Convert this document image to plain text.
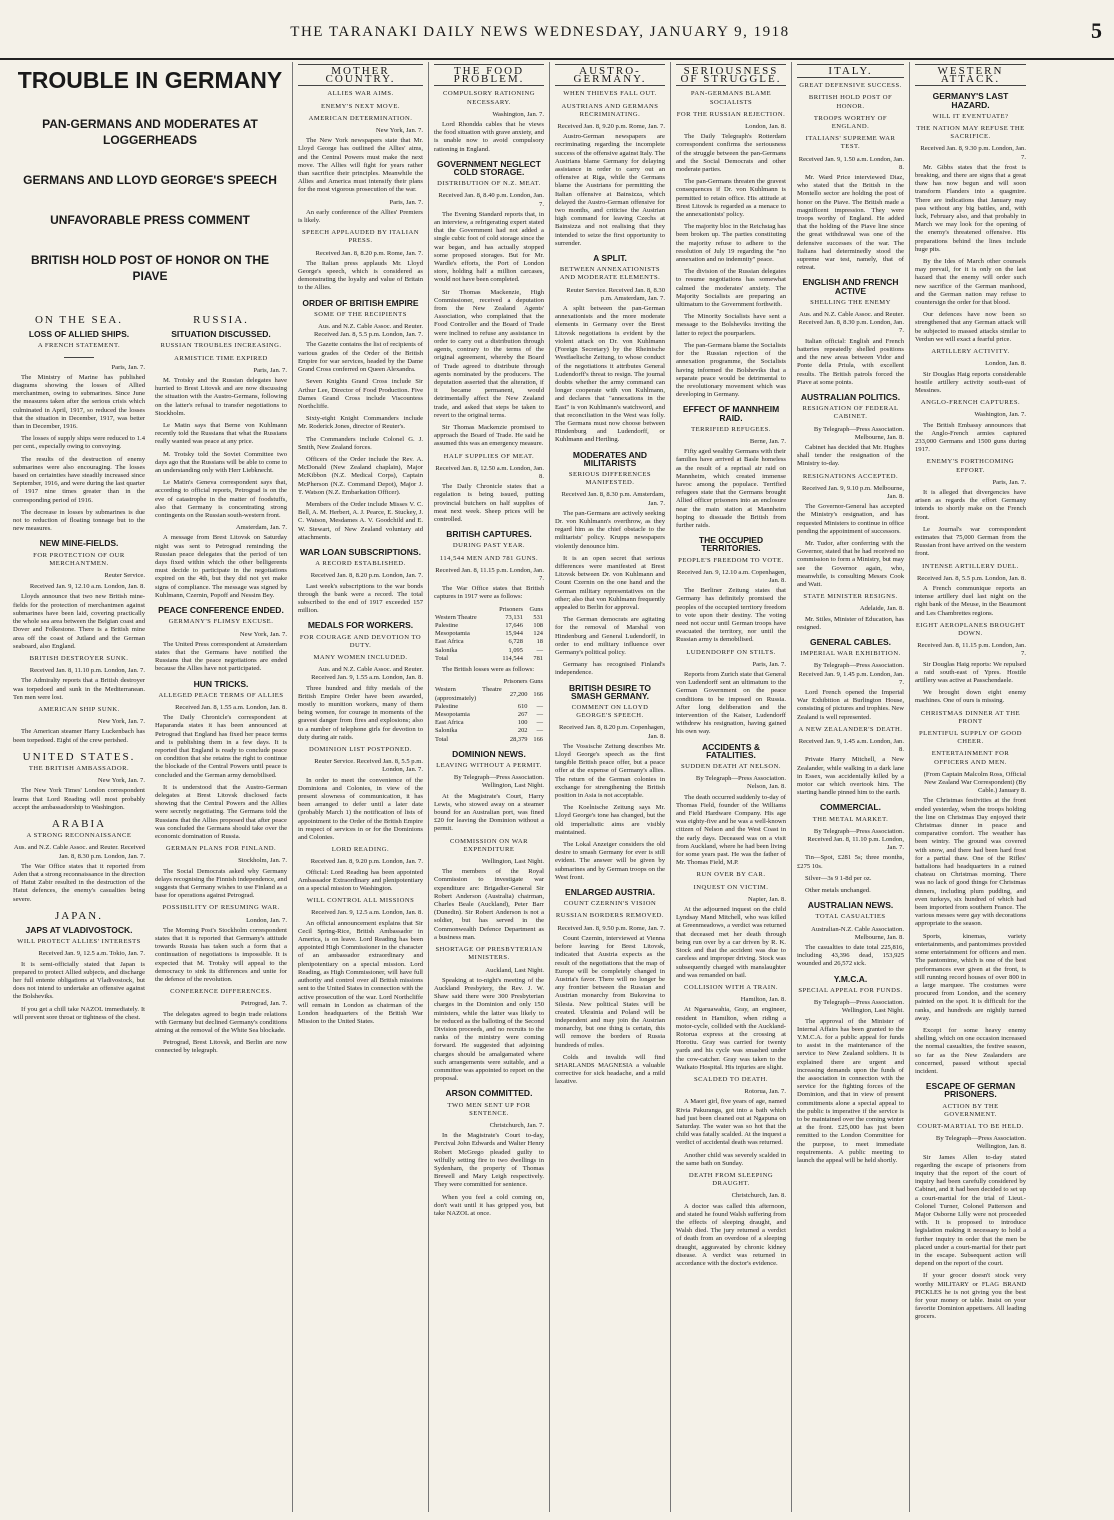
THE TARANAKI DAILY NEWS WEDNESDAY, JANUARY 9, 1918	5
TROUBLE IN GERMANY
PAN-GERMANS AND MODERATES AT LOGGERHEADS
GERMANS AND LLOYD GEORGE'S SPEECH
UNFAVORABLE PRESS COMMENT
BRITISH HOLD POST OF HONOR ON THE PIAVE
ON THE SEA.
LOSS OF ALLIED SHIPS.
A FRENCH STATEMENT.
Paris, Jan. 7.

The Ministry of Marine has published diagrams showing the losses of Allied merchantmen, owing to submarines. Since June the measures taken after the serious crisis which culminated in April, 1917, so reduced the losses that the situation in December, 1917, was better than in December, 1916.

The losses of supply ships were reduced to 1.4 per cent., especially owing to convoying.

The results of the destruction of enemy submarines were also encouraging. The losses based on certainties have steadily increased since September, 1916, and were during the last quarter of 1917 nine times greater than in the corresponding period of 1916.

The decrease in losses by submarines is due not to reduction of floating tonnage but to the new measures.

NEW MINE-FIELDS.
FOR PROTECTION OF OUR MERCHANTMEN.
Reuter Service.
Received Jan. 9, 12.10 a.m. London, Jan. 8.

Lloyds announce that two new British mine-fields for the protection of merchantmen against submarines have been laid, covering practically the whole sea area between the Belgian coast and Dover and Folkestone. There is a British mine area off the coast of Jutland and the German seaboard, also England.

BRITISH DESTROYER SUNK.
Received Jan. 8, 11.10 p.m. London, Jan. 7.

The Admiralty reports that a British destroyer was torpedoed and sunk in the Mediterranean. Ten men were lost.

AMERICAN SHIP SUNK.
New York, Jan. 7.

The American steamer Harry Luckenbach has been torpedoed. Eight of the crew perished.

UNITED STATES.
THE BRITISH AMBASSADOR.
New York, Jan. 7.

The New York Times' London correspondent learns that Lord Reading will most probably accept the ambassadorship to Washington.

ARABIA
A STRONG RECONNAISSANCE
Aus. and N.Z. Cable Assoc. and Reuter. Received Jan. 8, 8.30 p.m. London, Jan. 7.

The War Office states that it reported from Aden that a strong reconnaissance in the direction of Hatut Zabir resulted in the destruction of the Hatut defences, the enemy's casualties being severe.

JAPAN.
JAPS AT VLADIVOSTOCK.
WILL PROTECT ALLIES' INTERESTS
Received Jan. 9, 12.5 a.m. Tokio, Jan. 7.

It is semi-officially stated that Japan is prepared to protect Allied subjects, and discharge her full entente obligations at Vladivostock, but does not intend to undertake an offensive against the Bolsheviks.

If you get a chill take NAZOL immediately. It will prevent sore throat or tightness of the chest.

RUSSIA.
SITUATION DISCUSSED.
RUSSIAN TROUBLES INCREASING.
ARMISTICE TIME EXPIRED
Paris, Jan. 7.

M. Trotsky and the Russian delegates have hurried to Brest Litovsk and are now discussing the situation with the Austro-Germans, following on the latter's refusal to transfer negotiations to Stockholm.

Le Matin says that Berne von Kuhlmann recently told the Russians that what the Russians really wanted was peace at any price.

M. Trotsky told the Soviet Committee two days ago that the Russians will be able to come to an understanding only with Herr Liebknecht.

Le Matin's Geneva correspondent says that, according to official reports, Petrograd is on the eve of catastrophe in the matter of foodstuffs, also that Germany is concentrating strong contingents on the Russian south-western front.

Amsterdam, Jan. 7.

A message from Brest Litovsk on Saturday night was sent to Petrograd reminding the Russian peace delegates that the period of ten days fixed within which the other belligerents must decide to participate in the negotiations expired on the 4th, but they did not yet make signs of compliance. The message was signed by Kuhlmann, Czernin, Popoff and Nessim Bey.

PEACE CONFERENCE ENDED.
GERMANY'S FLIMSY EXCUSE.
New York, Jan. 7.

The United Press correspondent at Amsterdam states that the Germans have notified the Russians that the peace negotiations are ended because the Allies have not participated.

HUN TRICKS.
ALLEGED PEACE TERMS OF ALLIES
Received Jan. 8, 1.55 a.m. London, Jan. 8.

The Daily Chronicle's correspondent at Haparanda states it has been announced at Petrograd that England has fixed her peace terms and is publishing them in a few days. It is reported that England is ready to conclude peace on condition that she retains the right to continue the blockade of the Central Powers until peace is concluded and the German army demobilised.

It is understood that the Austro-German delegates at Brest Litovsk disclosed facts showing that the Central Powers and the Allies were secretly negotiating. The Germans told the Russians that the Allies proposed that after peace was concluded the Germans should take over the economic domination of Russia.

GERMAN PLANS FOR FINLAND.
Stockholm, Jan. 7.

The Social Democrats asked why Germany delays recognising the Finnish independence, and suggests that Germany wishes to use Finland as a base for operations against Petrograd.

POSSIBILITY OF RESUMING WAR.
London, Jan. 7.

The Morning Post's Stockholm correspondent states that it is reported that Germany's attitude towards Russia has taken such a form that a continuation of negotiations is impossible. It is expected that M. Trotsky will appeal to the democracy to sink its differences and unite for the defence of the revolution.

CONFERENCE DIFFERENCES.
Petrograd, Jan. 7.

The delegates agreed to begin trade relations with Germany but declined Germany's conditions aiming at the removal of the White Sea blockade.

Petrograd, Brest Litovsk, and Berlin are now connected by telegraph.

MOTHER COUNTRY.
ALLIES WAR AIMS.
ENEMY'S NEXT MOVE.
AMERICAN DETERMINATION.
New York, Jan. 7.

The New York newspapers state that Mr. Lloyd George has outlined the Allies' aims, and the Central Powers must make the next move. The Allies will fight for years rather than sacrifice their principles. Meanwhile the Allies and America must intensify their plans for the most vigorous prosecution of the war.

Paris, Jan. 7.

An early conference of the Allies' Premiers is likely.

SPEECH APPLAUDED BY ITALIAN PRESS.
Received Jan. 8, 8.20 p.m. Rome, Jan. 7.

The Italian press applauds Mr. Lloyd George's speech, which is considered as demonstrating the loyalty and value of Britain to the Allies.

ORDER OF BRITISH EMPIRE
SOME OF THE RECIPIENTS
Aus. and N.Z. Cable Assoc. and Reuter. Received Jan. 8, 5.5 p.m. London, Jan. 7.

The Gazette contains the list of recipients of various grades of the Order of the British Empire for war services, headed by the Dame Grand Cross conferred on Queen Alexandra.

Seven Knights Grand Cross include Sir Arthur Lee, Director of Food Production. Five Dames Grand Cross include Viscountess Northcliffe.

Sixty-eight Knight Commanders include Mr. Roderick Jones, director of Reuter's.

The Commanders include Colonel G. J. Smith, New Zealand forces.

Officers of the Order include the Rev. A. McDonald (New Zealand chaplain), Major McKibbon (N.Z. Medical Corps), Captain McPherson (N.Z. Command Depot), Major J. T. Watson (N.Z. Embarkation Officer).

Members of the Order include Misses V. C. Bell, A. M. Herbert, A. J. Pearce, E. Stuckey, J. C. Watson, Mesdames A. V. Goodchild and E. W. Stewart, of New Zealand voluntary aid attachments.

WAR LOAN SUBSCRIPTIONS.
A RECORD ESTABLISHED.
Received Jan. 8, 8.20 p.m. London, Jan. 7.

Last week's subscriptions to the war bonds through the bank were a record. The total subscribed to the end of 1917 exceeded 157 million.

MEDALS FOR WORKERS.
FOR COURAGE AND DEVOTION TO DUTY.
MANY WOMEN INCLUDED.
Aus. and N.Z. Cable Assoc. and Reuter. Received Jan. 9, 1.55 a.m. London, Jan. 8.

Three hundred and fifty medals of the British Empire Order have been awarded, mostly to munition workers, many of them being women, for courage in moments of the gravest danger from fires and explosions; also to a number of telephone girls for devotion to duty during air raids.

DOMINION LIST POSTPONED.
Reuter Service. Received Jan. 8, 5.5 p.m. London, Jan. 7.

In order to meet the convenience of the Dominions and Colonies, in view of the present slowness of communication, it has been arranged to defer until a later date (probably March 1) the notification of lists of appointment to the Order of the British Empire in respect of services in or for the Dominions and Colonies.

LORD READING.
Received Jan. 8, 9.20 p.m. London, Jan. 7.

Official: Lord Reading has been appointed Ambassador Extraordinary and plenipotentiary on a special mission to Washington.

WILL CONTROL ALL MISSIONS
Received Jan. 9, 12.5 a.m. London, Jan. 8.

An official announcement explains that Sir Cecil Spring-Rice, British Ambassador in America, is on leave. Lord Reading has been appointed High Commissioner in the character of an ambassador extraordinary and plenipotentiary on a special mission. Lord Reading, as High Commissioner, will have full authority and control over all British missions sent to the United States in connection with the active prosecution of the war. Lord Northcliffe will remain in London as chairman of the London headquarters of the British War Mission to the United States.

THE FOOD PROBLEM.
COMPULSORY RATIONING NECESSARY.
Washington, Jan. 7.

Lord Rhondda cables that he views the food situation with grave anxiety, and is unable now to avoid compulsory rationing in England.

GOVERNMENT NEGLECT COLD STORAGE.
DISTRIBUTION OF N.Z. MEAT.
Received Jan. 8, 8.40 p.m. London, Jan. 7.

The Evening Standard reports that, in an interview, a refrigerating expert stated that the Government had not added a single cubic foot of cold storage since the war began, and has actually stopped some proposed storages. But for Mr. Wardle's efforts, the Port of London store, holding half a million carcases, would not have been completed.

Sir Thomas Mackenzie, High Commissioner, received a deputation from the New Zealand Agents' Association, who complained that the Food Controller and the Board of Trade were inclined to refuse any assistance in order to carry out a distribution through agents, contrary to the terms of the original agreement, whereby the Board of Trade agreed to distribute through agents nominated by the producers. The deputation asserted that the alteration, if it became permanent, would detrimentally affect the New Zealand trade, and asked that steps be taken to revert to the original terms.

Sir Thomas Mackenzie promised to approach the Board of Trade. He said he assumed this was an emergency measure.

HALF SUPPLIES OF MEAT.
Received Jan. 8, 12.50 a.m. London, Jan. 8.

The Daily Chronicle states that a regulation is being issued, putting provincial butchers on half supplies of meat next week. Sheep prices will be controlled.

BRITISH CAPTURES.
DURING PAST YEAR.
114,544 MEN AND 781 GUNS.
Received Jan. 8, 11.15 p.m. London, Jan. 7.

The War Office states that British captures in 1917 were as follows:

	Prisoners	Guns
Western Theatre	73,131	531
Palestine	17,646	108
Mesopotamia	15,944	124
East Africa	6,728	18
Salonika	1,095	—
Total	114,544	781

The British losses were as follows:

	Prisoners	Guns
Western Theatre (approximately)	27,200	166
Palestine	610	—
Mesopotamia	267	—
East Africa	100	—
Salonika	202	—
Total	28,379	166
DOMINION NEWS.
LEAVING WITHOUT A PERMIT.
By Telegraph—Press Association. Wellington, Last Night.

At the Magistrate's Court, Harry Lewis, who stowed away on a steamer bound for an Australian port, was fined £20 for leaving the Dominion without a permit.

COMMISSION ON WAR EXPENDITURE
Wellington, Last Night.

The members of the Royal Commission to investigate war expenditure are: Brigadier-General Sir Robert Anderson (Australia) chairman, Charles Beale (Auckland), Peter Barr (Dunedin). Sir Robert Anderson is not a soldier, but has served in the Commonwealth Defence Department as a business man.

SHORTAGE OF PRESBYTERIAN MINISTERS.
Auckland, Last Night.

Speaking at to-night's meeting of the Auckland Presbytery, the Rev. J. W. Shaw said there were 300 Presbyterian charges in the Dominion and only 150 ministers, while the latter was likely to be reduced as the balloting of the Second Division proceeds, and no recruits to the ranks of the ministry were coming forward. He suggested that adjoining charges should be amalgamated where such arrangements were suitable, and a committee was appointed to report on the proposal.

ARSON COMMITTED.
TWO MEN SENT UP FOR SENTENCE.
Christchurch, Jan. 7.

In the Magistrate's Court to-day, Percival John Edwards and Walter Henry Robert McGrego pleaded guilty to wilfully setting fire to two dwellings in Sydenham, the property of Thomas Brewell and Mary Leigh respectively. They were committed for sentence.

When you feel a cold coming on, don't wait until it has gripped you, but take NAZOL at once.

AUSTRO-GERMANY.
WHEN THIEVES FALL OUT.
AUSTRIANS AND GERMANS RECRIMINATING.
Received Jan. 8, 9.20 p.m. Rome, Jan. 7.

Austro-German newspapers are recriminating regarding the incomplete success of the offensive against Italy. The Austrians blame Germany for delaying assistance in order to carry out an offensive at Riga, while the Germans blame the Austrians for permitting the Italian offensive at Bainsizza, which delayed the Austro-German offensive for two months, and criticise the Austrian high command for leaving Czechs at Bainsizza and not realising that they intended to seize the first opportunity to surrender.

A SPLIT.
BETWEEN ANNEXATIONISTS AND MODERATE ELEMENTS.
Reuter Service. Received Jan. 8, 8.30 p.m. Amsterdam, Jan. 7.

A split between the pan-German annexationists and the more moderate elements in Germany over the Brest Litovsk negotiations is evident by the violent attack on Dr. von Kuhlmann (Foreign Secretary) by the Rheinische Westfaelische Zeitung, to whose conduct of the negotiations it attributes General Ludendorff's threat to resign. The journal doubts whether the army command can longer cooperate with von Kuhlmann, and declares that "annexations in the East" is von Kuhlmann's watchword, and that reconciliation in the West was folly. The Germans must now choose between Hindenburg and Ludendorff, or Kuhlmann and Hertling.

MODERATES AND MILITARISTS
SERIOUS DIFFERENCES MANIFESTED.
Received Jan. 8, 8.30 p.m. Amsterdam, Jan. 7.

The pan-Germans are actively seeking Dr. von Kuhlmann's overthrow, as they regard him as the chief obstacle to the militarists' policy. Krupps newspapers violently denounce him.

It is an open secret that serious differences were manifested at Brest Litovsk between Dr. von Kuhlmann and Count Czernin on the one hand and the German military representatives on the other; also that von Kuhlmann frequently appealed to Berlin for approval.

The German democrats are agitating for the removal of Marshal von Hindenburg and General Ludendorff, in order to end military influence over Germany's political policy.

Germany has recognised Finland's independence.

BRITISH DESIRE TO SMASH GERMANY.
COMMENT ON LLOYD GEORGE'S SPEECH.
Received Jan. 8, 8.20 p.m. Copenhagen, Jan. 8.

The Vossische Zeitung describes Mr. Lloyd George's speech as the first tangible British peace offer, but a peace offer at the expense of Germany's allies. The return of the German colonies in exchange for strengthening the British position in Asia is not acceptable.

The Koelnische Zeitung says Mr. Lloyd George's tone has changed, but the old imperialistic aims are visibly maintained.

The Lokal Anzeiger considers the old desire to smash Germany for ever is still evident. The answer will be given by submarines and by German troops on the West front.

ENLARGED AUSTRIA.
COUNT CZERNIN'S VISION
RUSSIAN BORDERS REMOVED.
Received Jan. 8, 9.50 p.m. Rome, Jan. 7.

Count Czernin, interviewed at Vienna before leaving for Brest Litovsk, indicated that Austria expects as the result of the negotiations that the map of Europe will be completely changed in Austria's favor. There will no longer be any frontier between the Russian and Austrian monarchy from Bukovina to Silesia. New political States will be created. Ukrainia and Poland will be independent and may join the Austrian monarchy, but one thing is certain, this will remove the borders of Russia hundreds of miles.

Colds and invalids will find SHARLANDS MAGNESIA a valuable corrective for sick headache, and a mild laxative.

SERIOUSNESS OF STRUGGLE.
PAN-GERMANS BLAME SOCIALISTS
FOR THE RUSSIAN REJECTION.
London, Jan. 8.

The Daily Telegraph's Rotterdam correspondent confirms the seriousness of the struggle between the pan-Germans and the Social Democrats and other moderate parties.

The pan-Germans threaten the gravest consequences if Dr. von Kuhlmann is permitted to retain office. His attitude at Brest Litovsk is regarded as a menace to the annexationists' policy.

The majority bloc in the Reichstag has been broken up. The parties constituting the majority refuse to adhere to the resolution of July 19 regarding the "no annexation and no indemnity" peace.

The division of the Russian delegates to resume negotiations has somewhat calmed the moderates' anxiety. The Majority Socialists are preparing an ultimatum to the Government forthwith.

The Minority Socialists have sent a message to the Bolsheviks inviting the latter to reject the pourparlers.

The pan-Germans blame the Socialists for the Russian rejection of the annexation programme, the Socialists having informed the Bolsheviks that a separate peace would be detrimental to the revolutionary movement which was developing in Germany.

EFFECT OF MANNHEIM RAID.
TERRIFIED REFUGEES.
Berne, Jan. 7.

Fifty aged wealthy Germans with their families have arrived at Basle homeless as the result of a reprisal air raid on Mannheim, which created immense havoc among the populace. Terrified refugees state that the Germans brought Allied officer prisoners into an enclosure near the main station at Mannheim hoping to dissuade the British from further raids.

THE OCCUPIED TERRITORIES.
PEOPLE'S FREEDOM TO VOTE.
Received Jan. 9, 12.10 a.m. Copenhagen, Jan. 8.

The Berliner Zeitung states that Germany has definitely promised the peoples of the occupied territory freedom to vote upon their destiny. The voting need not occur until German troops have evacuated the territory, nor until the Russian army is demobilised.

LUDENDORFF ON STILTS.
Paris, Jan. 7.

Reports from Zurich state that General von Ludendorff sent an ultimatum to the German Government on the peace conditions to be imposed on Russia. After long deliberation and the intervention of the Kaiser, Ludendorff withdrew his resignation, having gained his own way.

ACCIDENTS & FATALITIES.
SUDDEN DEATH AT NELSON.
By Telegraph—Press Association. Nelson, Jan. 8.

The death occurred suddenly to-day of Thomas Field, founder of the Williams and Field Hardware Company. His age was eighty-five and he was a well-known citizen of Nelson and the West Coast in the early days. Deceased was on a visit from Auckland, where he had been living for some years past. He was the father of Mr. Thomas Field, M.P.

RUN OVER BY CAR.
INQUEST ON VICTIM.
Napier, Jan. 8.

At the adjourned inquest on the child Lyndsay Mand Mitchell, who was killed at Greenmeadows, a verdict was returned that deceased met her death through being run over by a car driven by R. K. Stock and that the accident was due to careless and improper driving. Stock was subsequently charged with manslaughter and was remanded on bail.

COLLISION WITH A TRAIN.
Hamilton, Jan. 8.

At Ngaruawahia, Gray, an engineer, resident in Hamilton, when riding a motor-cycle, collided with the Auckland-Rotorua express at the crossing at Horotiu. Gray was carried for twenty yards and his cycle was smashed under the cow-catcher. Gray was taken to the Waikato Hospital. His injuries are slight.

SCALDED TO DEATH.
Rotorua, Jan. 7.

A Maori girl, five years of age, named Rivia Pakuranga, got into a bath which had just been cleaned out at Ngapuna on Saturday. The water was so hot that the child was fatally scalded. At the inquest a verdict of accidental death was returned.

Another child was severely scalded in the same bath on Sunday.

DEATH FROM SLEEPING DRAUGHT.
Christchurch, Jan. 8.

A doctor was called this afternoon, and stated he found Walsh suffering from the effects of sleeping draught, and Walsh died. The jury returned a verdict of death from an overdose of a sleeping draught, aggravated by chronic kidney disease. A verdict was returned in accordance with the doctor's evidence.

ITALY.
GREAT DEFENSIVE SUCCESS.
BRITISH HOLD POST OF HONOR.
TROOPS WORTHY OF ENGLAND.
ITALIANS' SUPREME WAR TEST.
Received Jan. 9, 1.50 a.m. London, Jan. 8.

Mr. Ward Price interviewed Diaz, who stated that the British in the Montello sector are holding the post of honor on the Piave. The British made a magnificent impression. They were troops worthy of England. He added that the holding of the Piave line since the great withdrawal was one of the defensive successes of the war. The Italians had determinedly stood the supreme war test, namely, that of retreat.

ENGLISH AND FRENCH ACTIVE
SHELLING THE ENEMY
Aus. and N.Z. Cable Assoc. and Reuter. Received Jan. 8, 8.30 p.m. London, Jan. 7.

Italian official: English and French batteries repeatedly shelled positions and the new areas between Vidor and Ponte della Priula, with excellent results. The British patrols forced the Piave at some points.

AUSTRALIAN POLITICS.
RESIGNATION OF FEDERAL CABINET.
By Telegraph—Press Association. Melbourne, Jan. 8.

Cabinet has decided that Mr. Hughes shall tender the resignation of the Ministry to-day.

RESIGNATIONS ACCEPTED.
Received Jan. 9, 9.10 p.m. Melbourne, Jan. 8.

The Governor-General has accepted the Ministry's resignation, and has requested Ministers to continue in office pending the appointment of successors.

Mr. Tudor, after conferring with the Governor, stated that he had received no commission to form a Ministry, but may see the Governor again, who, meanwhile, is consulting Messrs Cook and Watt.

STATE MINISTER RESIGNS.
Adelaide, Jan. 8.

Mr. Stiles, Minister of Education, has resigned.

GENERAL CABLES.
IMPERIAL WAR EXHIBITION.
By Telegraph—Press Association. Received Jan. 9, 1.45 p.m. London, Jan. 7.

Lord French opened the Imperial War Exhibition at Burlington House, consisting of pictures and trophies. New Zealand is well represented.

A NEW ZEALANDER'S DEATH.
Received Jan. 9, 1.45 a.m. London, Jan. 8.

Private Harry Mitchell, a New Zealander, while walking in a dark lane in Essex, was accidentally killed by a motor car which overtook him. The starting handle pinned him to the earth.

COMMERCIAL.
THE METAL MARKET.
By Telegraph—Press Association. Received Jan. 8, 11.10 p.m. London, Jan. 7.

Tin—Spot, £281 5s; three months, £275 10s.

Silver—3s 9 1-8d per oz.

Other metals unchanged.

AUSTRALIAN NEWS.
TOTAL CASUALTIES
Australian-N.Z. Cable Association. Melbourne, Jan. 8.

The casualties to date total 225,816, including 43,396 dead, 153,925 wounded and 26,572 sick.

Y.M.C.A.
SPECIAL APPEAL FOR FUNDS.
By Telegraph—Press Association. Wellington, Last Night.

The approval of the Minister of Internal Affairs has been granted to the Y.M.C.A. for a public appeal for funds to assist in the maintenance of the service to New Zealand soldiers. It is explained there are urgent and increasing demands upon the funds of the association in connection with the service for the fighting forces of the Dominion, and that in view of present commitments alone a special appeal to the public is imperative if the service is to be maintained over the coming winter at the front. £25,000 has just been remitted to the London Committee for the purpose, to meet immediate requirements. A public meeting to launch the appeal will be held shortly.

WESTERN ATTACK.
GERMANY'S LAST HAZARD.
WILL IT EVENTUATE?
THE NATION MAY REFUSE THE SACRIFICE.
Received Jan. 8, 9.30 p.m. London, Jan. 7.

Mr. Gibbs states that the frost is breaking, and there are signs that a great thaw has now begun and will soon transform Flanders into a quagmire. There are indications that January may pass without any big battles, and, with luck, February also, and that probably in March we may look for the opening of the enemy's threatened offensive. His preparations behind the lines include huge pits.

By the Ides of March other counsels may prevail, for it is only on the last hazard that the enemy will order such new sacrifice of the German manhood, and the German nation may refuse to countersign the order for that blood.

Our defences have now been so strengthened that any German attack will be subjected to massed attacks similar to Verdun we will exact a fearful price.

ARTILLERY ACTIVITY.
London, Jan. 8.

Sir Douglas Haig reports considerable hostile artillery activity south-east of Messines.

ANGLO-FRENCH CAPTURES.
Washington, Jan. 7.

The British Embassy announces that the Anglo-French armies captured 233,000 Germans and 1500 guns during 1917.

ENEMY'S FORTHCOMING EFFORT.
Paris, Jan. 7.

It is alleged that divergencies have arisen as regards the effort Germany intends to shortly make on the French front.

Le Journal's war correspondent estimates that 75,000 German from the Russian front have arrived on the western front.

INTENSE ARTILLERY DUEL.
Received Jan. 8, 5.5 p.m. London, Jan. 8.

A French communique reports an intense artillery duel last night on the right bank of the Meuse, in the Beaumont and Les Chambrettes regions.

EIGHT AEROPLANES BROUGHT DOWN.
Received Jan. 8, 11.15 p.m. London, Jan. 7.

Sir Douglas Haig reports: We repulsed a raid south-east of Ypres. Hostile artillery was active at Passchendaele.

We brought down eight enemy machines. One of ours is missing.

CHRISTMAS DINNER AT THE FRONT
PLENTIFUL SUPPLY OF GOOD CHEER.
ENTERTAINMENT FOR OFFICERS AND MEN.
(From Captain Malcolm Ross, Official New Zealand War Correspondent) (By Cable.) January 8.

The Christmas festivities at the front ended yesterday, when the troops holding the line on Christmas Day enjoyed their Christmas dinner in peace and comparative comfort. The weather has been wintry. The ground was covered with snow, and there had been hard frost for a partial thaw. One of the Rifles' battalions had headquarters in a ruined chateau on Christmas morning. There was no lack of good things for Christmas dinners, including plum pudding, and even turkeys, six hundred of which had been imported from southern France. The various messes were gay with decorations appropriate to the season.

Sports, kinemas, variety entertainments, and pantomimes provided some entertainment for officers and men. The pantomime, which is one of the best performances ever given at the front, is still running record houses of over 800 in a large marquee. The costumes were procured from London, and the scenery painted on the spot. It is difficult for the ranks, and hundreds are nightly turned away.

Except for some heavy enemy shelling, which on one occasion increased the normal casualties, the festive season, so far as the New Zealanders are concerned, passed without special incident.

ESCAPE OF GERMAN PRISONERS.
ACTION BY THE GOVERNMENT.
COURT-MARTIAL TO BE HELD.
By Telegraph—Press Association. Wellington, Jan. 8.

Sir James Allen to-day stated regarding the escape of prisoners from inquiry that the report of the court of inquiry had been carefully considered by Cabinet, and it had been decided to set up a court-martial for the trial of Lieut.-Colonel Turner, Colonel Patterson and Major Osborne Lilly were not proceeded with. It is proposed to introduce legislation making it necessary to hold a further inquiry in order that the men be placed under a court-martial for their part in the escape. Subsequent action will depend on the report of the court.

If your grocer doesn't stock very worthy MILITARY or FLAG BRAND PICKLES he is not giving you the best for your money or table. Insist on your favorite Dominion appetisers. All leading grocers.
